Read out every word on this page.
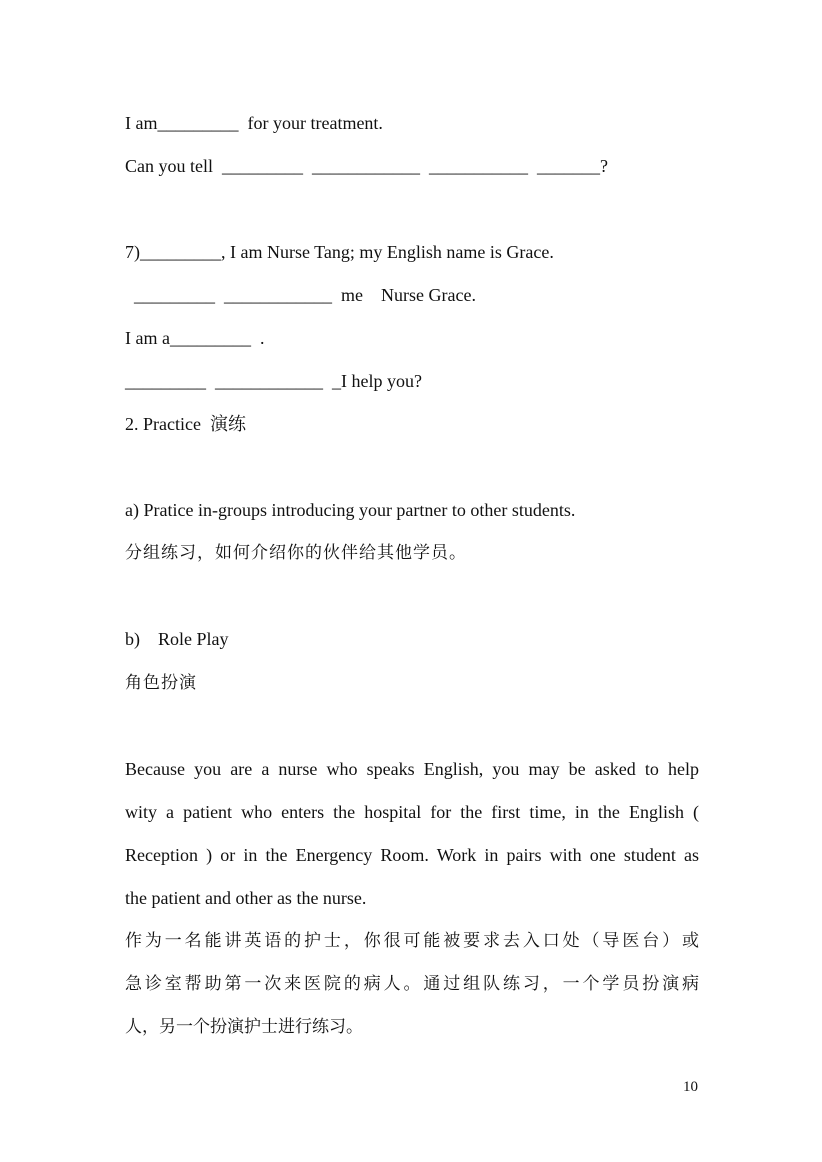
I am_________  for your treatment.

Can you tell  _________  ____________  ___________  _______?

7)_________, I am Nurse Tang; my English name is Grace.

_________  ____________  me    Nurse Grace.

I am a_________  .

_________  ____________  _I help you?

2. Practice  演练

a) Pratice in-groups introducing your partner to other students.

分组练习，如何介绍你的伙伴给其他学员。

b)    Role Play

角色扮演

Because you are a nurse who speaks English, you may be asked to help

wity a patient who enters the hospital for the first time, in the English (

Reception ) or in the Energency Room. Work in pairs with one student as

the patient and other as the nurse.

作为一名能讲英语的护士，你很可能被要求去入口处（导医台）或

急诊室帮助第一次来医院的病人。通过组队练习，一个学员扮演病

人，另一个扮演护士进行练习。

10
